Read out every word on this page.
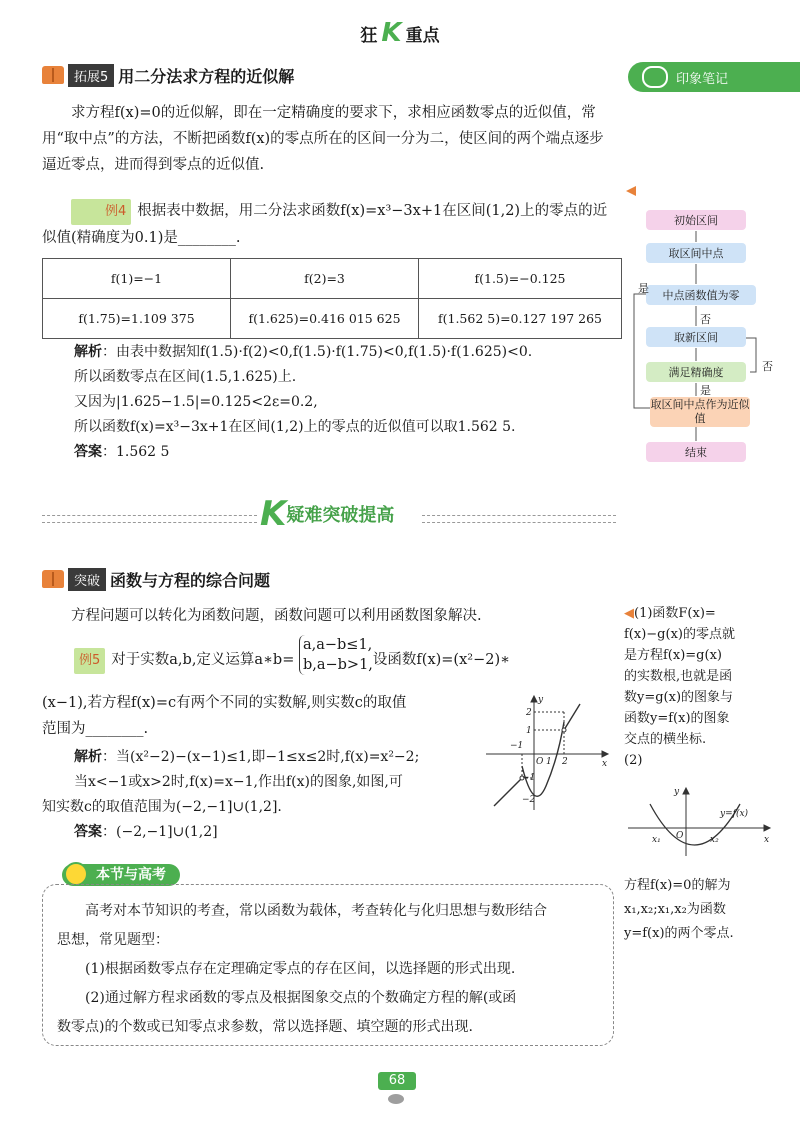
狂 K 重点
印象笔记
拓展5 用二分法求方程的近似解

求方程f(x)=0的近似解，即在一定精确度的要求下，求相应函数零点的近似值，常用“取中点”的方法，不断把函数f(x)的零点所在的区间一分为二，使区间的两个端点逐步逼近零点，进而得到零点的近似值.

例4 根据表中数据，用二分法求函数f(x)=x³−3x+1在区间(1,2)上的零点的近似值(精确度为0.1)是________.

f(1)=−1	f(2)=3	f(1.5)=−0.125
f(1.75)=1.109 375	f(1.625)=0.416 015 625	f(1.562 5)=0.127 197 265
解析：由表中数据知f(1.5)·f(2)<0,f(1.5)·f(1.75)<0,f(1.5)·f(1.625)<0.
所以函数零点在区间(1.5,1.625)上.
又因为|1.625−1.5|=0.125<2ε=0.2,
所以函数f(x)=x³−3x+1在区间(1,2)上的零点的近似值可以取1.562 5.
答案：1.562 5
初始区间
取区间中点
中点函数值为零
取新区间
满足精确度
取区间中点作为近似值
结束
是
否
否
是
K 疑难突破提高
突破 函数与方程的综合问题

方程问题可以转化为函数问题，函数问题可以利用函数图象解决.

例5 对于实数a,b,定义运算a∗b=
a,a−b≤1,
b,a−b>1, 设函数f(x)=(x²−2)∗
(x−1),若方程f(x)=c有两个不同的实数解,则实数c的取值
范围为________.
解析：当(x²−2)−(x−1)≤1,即−1≤x≤2时,f(x)=x²−2;
当x<−1或x>2时,f(x)=x−1,作出f(x)的图象,如图,可
知实数c的取值范围为(−2,−1]∪(1,2].
答案：(−2,−1]∪(1,2]
y
x
O
2
1
−1
−2
−1
1 2
◀(1)函数F(x)=
f(x)−g(x)的零点就
是方程f(x)=g(x)
的实数根,也就是函
数y=g(x)的图象与
函数y=f(x)的图象
交点的横坐标.
(2)
y
x
O
x₁	x₂
y=f(x)
方程f(x)=0的解为
x₁,x₂;x₁,x₂为函数
y=f(x)的两个零点.
本节与高考
高考对本节知识的考查，常以函数为载体，考查转化与化归思想与数形结合
思想，常见题型：
(1)根据函数零点存在定理确定零点的存在区间，以选择题的形式出现.
(2)通过解方程求函数的零点及根据图象交点的个数确定方程的解(或函
数零点)的个数或已知零点求参数，常以选择题、填空题的形式出现.
68
